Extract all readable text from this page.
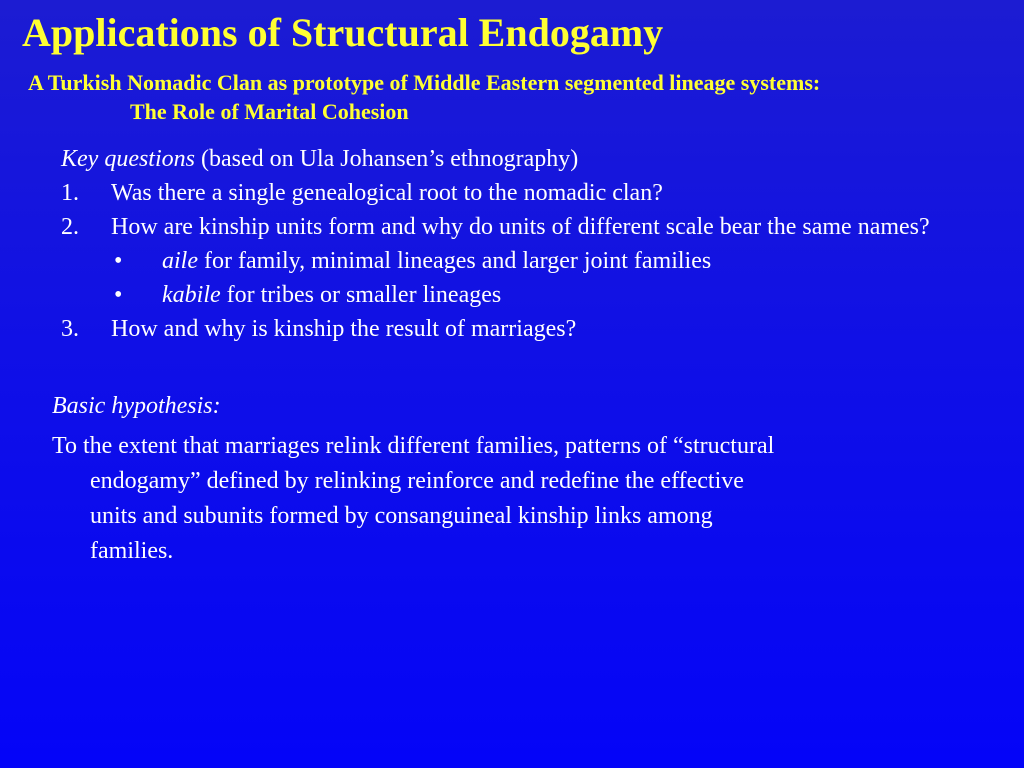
Applications of Structural Endogamy
A Turkish Nomadic Clan as prototype of Middle Eastern segmented lineage systems:
The Role of Marital Cohesion
Key questions (based on Ula Johansen’s ethnography)
1. Was there a single genealogical root to the nomadic clan?
2. How are kinship units form and why do units of different scale bear the same names?
• aile for family, minimal lineages and larger joint families
• kabile for tribes or smaller lineages
3. How and why is kinship the result of marriages?
Basic hypothesis:
To the extent that marriages relink different families, patterns of “structural
endogamy” defined by relinking reinforce and redefine the effective
units and subunits formed by consanguineal kinship links among
families.
